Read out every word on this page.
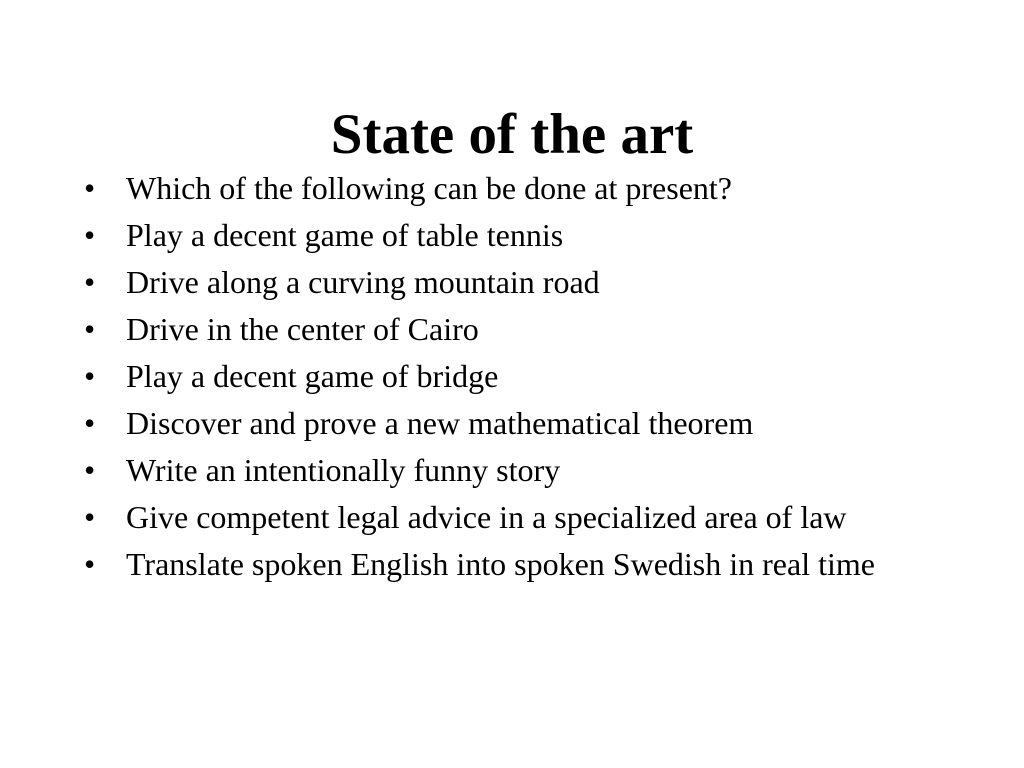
State of the art
• Which of the following can be done at present?
• Play a decent game of table tennis
• Drive along a curving mountain road
• Drive in the center of Cairo
• Play a decent game of bridge
• Discover and prove a new mathematical theorem
• Write an intentionally funny story
• Give competent legal advice in a specialized area of law
• Translate spoken English into spoken Swedish in real time
